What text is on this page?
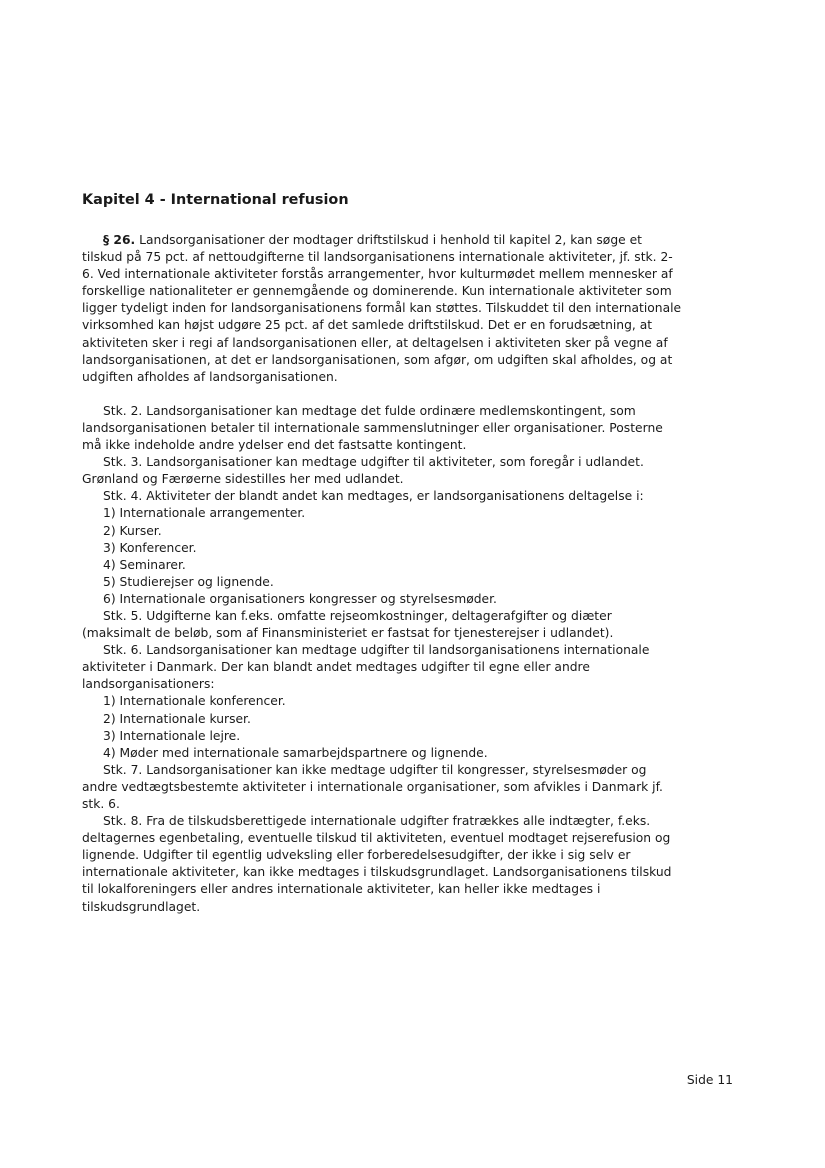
Kapitel 4 - International refusion

§ 26. Landsorganisationer der modtager driftstilskud i henhold til kapitel 2, kan søge et tilskud på 75 pct. af nettoudgifterne til landsorganisationens internationale aktiviteter, jf. stk. 2-6. Ved internationale aktiviteter forstås arrangementer, hvor kulturmødet mellem mennesker af forskellige nationaliteter er gennemgående og dominerende. Kun internationale aktiviteter som ligger tydeligt inden for landsorganisationens formål kan støttes. Tilskuddet til den internationale virksomhed kan højst udgøre 25 pct. af det samlede driftstilskud. Det er en forudsætning, at aktiviteten sker i regi af landsorganisationen eller, at deltagelsen i aktiviteten sker på vegne af landsorganisationen, at det er landsorganisationen, som afgør, om udgiften skal afholdes, og at udgiften afholdes af landsorganisationen.

Stk. 2. Landsorganisationer kan medtage det fulde ordinære medlemskontingent, som landsorganisationen betaler til internationale sammenslutninger eller organisationer. Posterne må ikke indeholde andre ydelser end det fastsatte kontingent.

Stk. 3. Landsorganisationer kan medtage udgifter til aktiviteter, som foregår i udlandet. Grønland og Færøerne sidestilles her med udlandet.

Stk. 4. Aktiviteter der blandt andet kan medtages, er landsorganisationens deltagelse i:

1) Internationale arrangementer.
2) Kurser.
3) Konferencer.
4) Seminarer.
5) Studierejser og lignende.
6) Internationale organisationers kongresser og styrelsesmøder.

Stk. 5. Udgifterne kan f.eks. omfatte rejseomkostninger, deltagerafgifter og diæter (maksimalt de beløb, som af Finansministeriet er fastsat for tjenesterejser i udlandet).

Stk. 6. Landsorganisationer kan medtage udgifter til landsorganisationens internationale aktiviteter i Danmark. Der kan blandt andet medtages udgifter til egne eller andre landsorganisationers:

1) Internationale konferencer.
2) Internationale kurser.
3) Internationale lejre.
4) Møder med internationale samarbejdspartnere og lignende.

Stk. 7. Landsorganisationer kan ikke medtage udgifter til kongresser, styrelsesmøder og andre vedtægtsbestemte aktiviteter i internationale organisationer, som afvikles i Danmark jf. stk. 6.

Stk. 8. Fra de tilskudsberettigede internationale udgifter fratrækkes alle indtægter, f.eks. deltagernes egenbetaling, eventuelle tilskud til aktiviteten, eventuel modtaget rejserefusion og lignende. Udgifter til egentlig udveksling eller forberedelsesudgifter, der ikke i sig selv er internationale aktiviteter, kan ikke medtages i tilskudsgrundlaget. Landsorganisationens tilskud til lokalforeningers eller andres internationale aktiviteter, kan heller ikke medtages i tilskudsgrundlaget.

Side 11
